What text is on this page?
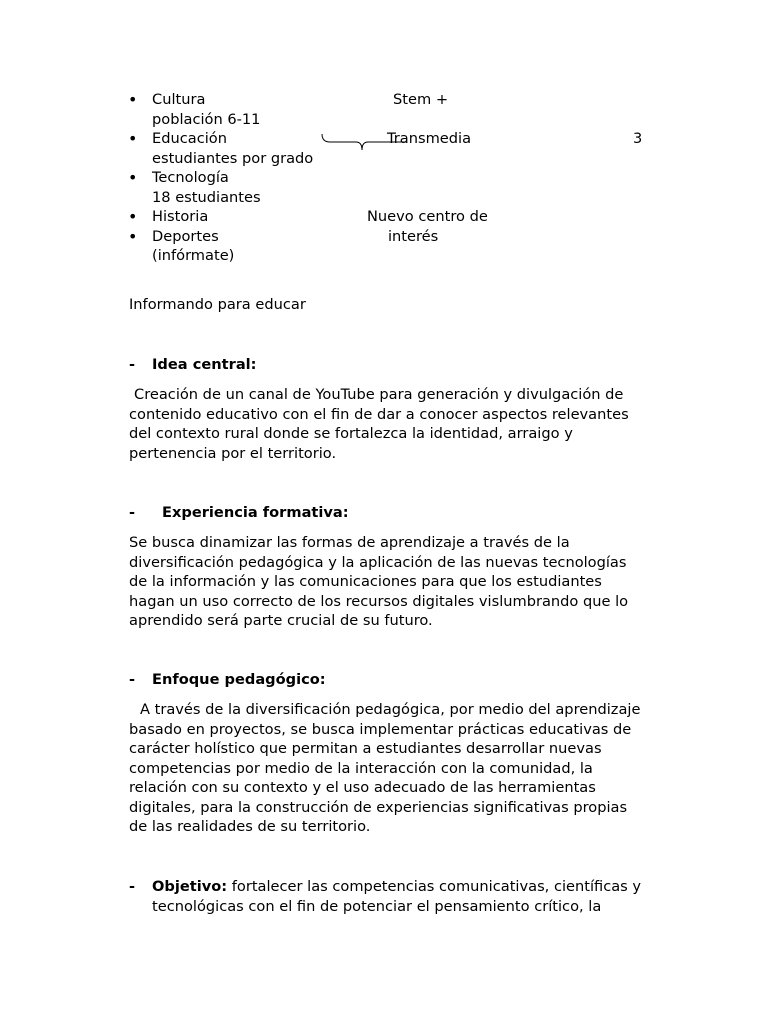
• Cultura
población 6-11
• Educación
estudiantes por grado
• Tecnología
18 estudiantes
• Historia
• Deportes
(infórmate)
Stem +
Transmedia	3
Nuevo centro de
interés
Informando para educar
- Idea central:
Creación de un canal de YouTube para generación y divulgación de
contenido educativo con el fin de dar a conocer aspectos relevantes
del contexto rural donde se fortalezca la identidad, arraigo y
pertenencia por el territorio.
- Experiencia formativa:
Se busca dinamizar las formas de aprendizaje a través de la
diversificación pedagógica y la aplicación de las nuevas tecnologías
de la información y las comunicaciones para que los estudiantes
hagan un uso correcto de los recursos digitales vislumbrando que lo
aprendido será parte crucial de su futuro.
- Enfoque pedagógico:
A través de la diversificación pedagógica, por medio del aprendizaje
basado en proyectos, se busca implementar prácticas educativas de
carácter holístico que permitan a estudiantes desarrollar nuevas
competencias por medio de la interacción con la comunidad, la
relación con su contexto y el uso adecuado de las herramientas
digitales, para la construcción de experiencias significativas propias
de las realidades de su territorio.
- Objetivo: fortalecer las competencias comunicativas, científicas y
tecnológicas con el fin de potenciar el pensamiento crítico, la
